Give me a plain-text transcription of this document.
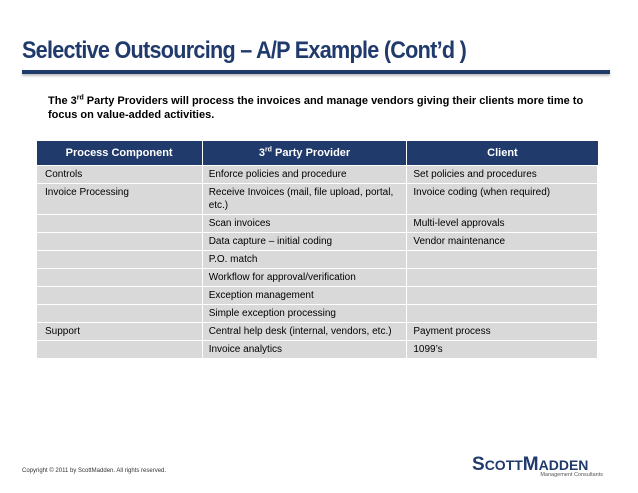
Selective Outsourcing – A/P Example (Cont’d )
The 3rd Party Providers will process the invoices and manage vendors giving their clients more time to focus on value-added activities.
Process Component	3rd Party Provider	Client
Controls	Enforce policies and procedure	Set policies and procedures
Invoice Processing	Receive Invoices (mail, file upload, portal, etc.)	Invoice coding (when required)
	Scan invoices	Multi-level approvals
	Data capture – initial coding	Vendor maintenance
	P.O. match	
	Workflow for approval/verification	
	Exception management	
	Simple exception processing	
Support	Central help desk (internal, vendors, etc.)	Payment process
	Invoice analytics	1099’s
Copyright © 2011 by ScottMadden. All rights reserved.	SCOTTMADDEN
Management Consultants
